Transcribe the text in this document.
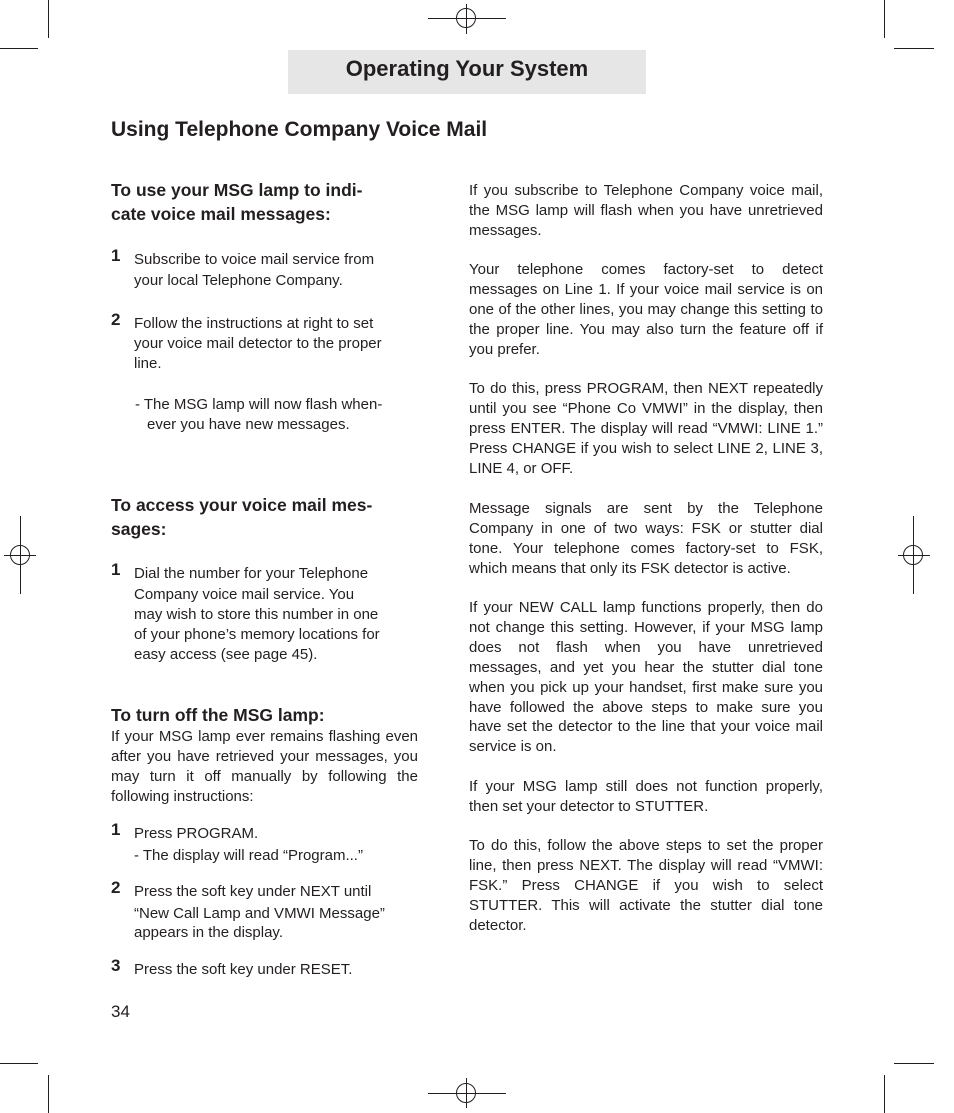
Operating Your System
Using Telephone Company Voice Mail
To use your MSG lamp to indi-
cate voice mail messages:
1 Subscribe to voice mail service from
your local Telephone Company.
2 Follow the instructions at right to set
your voice mail detector to the proper
line.
- The MSG lamp will now flash when-
ever you have new messages.
To access your voice mail mes-
sages:
1 Dial the number for your Telephone
Company voice mail service. You
may wish to store this number in one
of your phone’s memory locations for
easy access (see page 45).
To turn off the MSG lamp:

If your MSG lamp ever remains flashing even after you have retrieved your messages, you may turn it off manually by following the following instructions:

1 Press PROGRAM.
- The display will read “Program...”
2 Press the soft key under NEXT until
“New Call Lamp and VMWI Message”
appears in the display.
3 Press the soft key under RESET.
34

If you subscribe to Telephone Company voice mail, the MSG lamp will flash when you have unretrieved messages.

Your telephone comes factory-set to detect messages on Line 1. If your voice mail service is on one of the other lines, you may change this setting to the proper line. You may also turn the feature off if you prefer.

To do this, press PROGRAM, then NEXT repeatedly until you see “Phone Co VMWI” in the display, then press ENTER. The display will read “VMWI: LINE 1.” Press CHANGE if you wish to select LINE 2, LINE 3, LINE 4, or OFF.

Message signals are sent by the Telephone Company in one of two ways: FSK or stutter dial tone. Your telephone comes factory-set to FSK, which means that only its FSK detector is active.

If your NEW CALL lamp functions properly, then do not change this setting. However, if your MSG lamp does not flash when you have unretrieved messages, and yet you hear the stutter dial tone when you pick up your handset, first make sure you have followed the above steps to make sure you have set the detector to the line that your voice mail service is on.

If your MSG lamp still does not function properly, then set your detector to STUTTER.

To do this, follow the above steps to set the proper line, then press NEXT. The display will read “VMWI: FSK.” Press CHANGE if you wish to select STUTTER. This will activate the stutter dial tone detector.
